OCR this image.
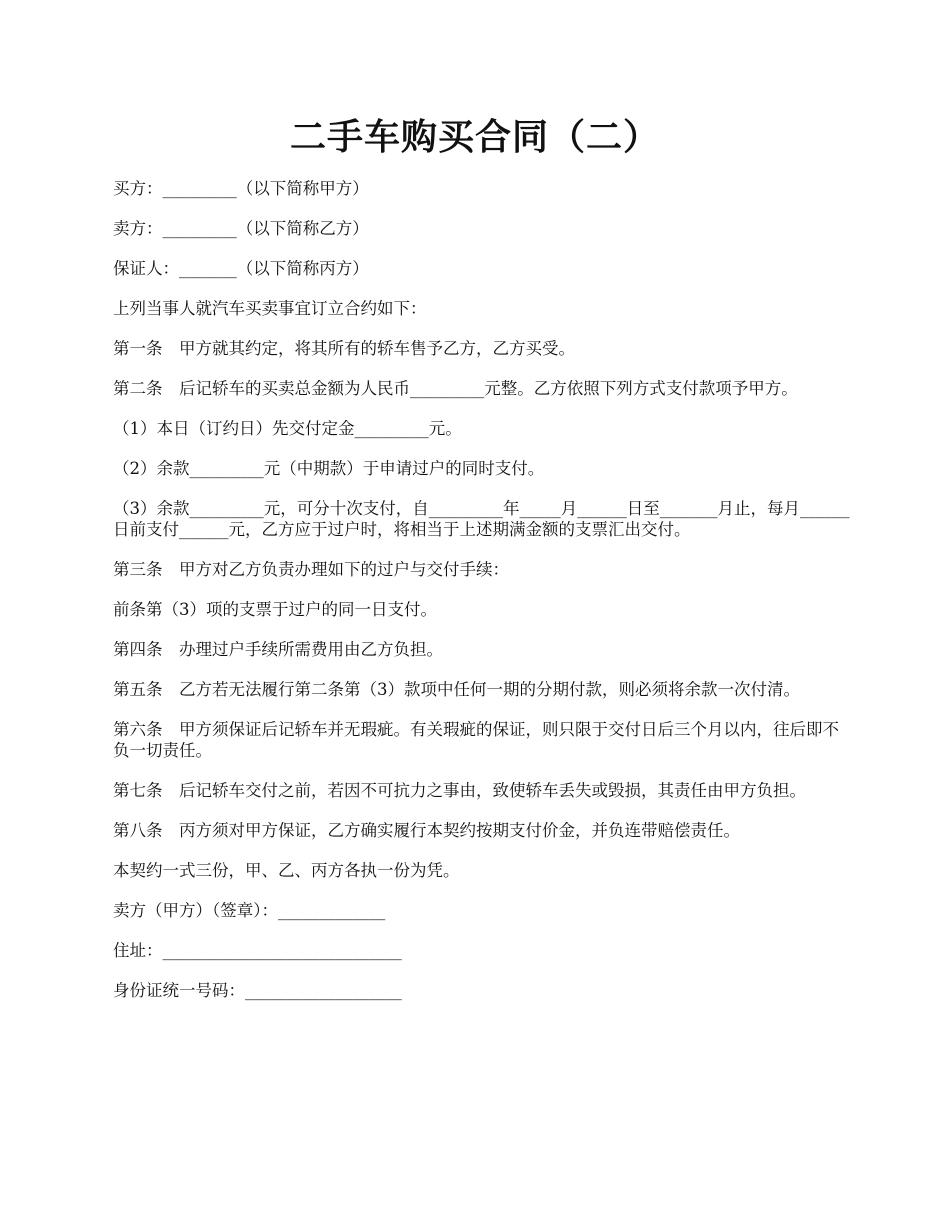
二手车购买合同（二）

买方：_________（以下简称甲方）

卖方：_________（以下简称乙方）

保证人：_______（以下简称丙方）

上列当事人就汽车买卖事宜订立合约如下：

第一条　甲方就其约定，将其所有的轿车售予乙方，乙方买受。

第二条　后记轿车的买卖总金额为人民币_________元整。乙方依照下列方式支付款项予甲方。

（1）本日（订约日）先交付定金_________元。

（2）余款_________元（中期款）于申请过户的同时支付。

（3）余款_________元，可分十次支付，自_________年_____月______日至_______月止，每月______日前支付______元，乙方应于过户时，将相当于上述期满金额的支票汇出交付。

第三条　甲方对乙方负责办理如下的过户与交付手续：

前条第（3）项的支票于过户的同一日支付。

第四条　办理过户手续所需费用由乙方负担。

第五条　乙方若无法履行第二条第（3）款项中任何一期的分期付款，则必须将余款一次付清。

第六条　甲方须保证后记轿车并无瑕疵。有关瑕疵的保证，则只限于交付日后三个月以内，往后即不负一切责任。

第七条　后记轿车交付之前，若因不可抗力之事由，致使轿车丢失或毁损，其责任由甲方负担。

第八条　丙方须对甲方保证，乙方确实履行本契约按期支付价金，并负连带赔偿责任。

本契约一式三份，甲、乙、丙方各执一份为凭。

卖方（甲方）（签章）：_____________

住址：_____________________________

身份证统一号码：___________________
